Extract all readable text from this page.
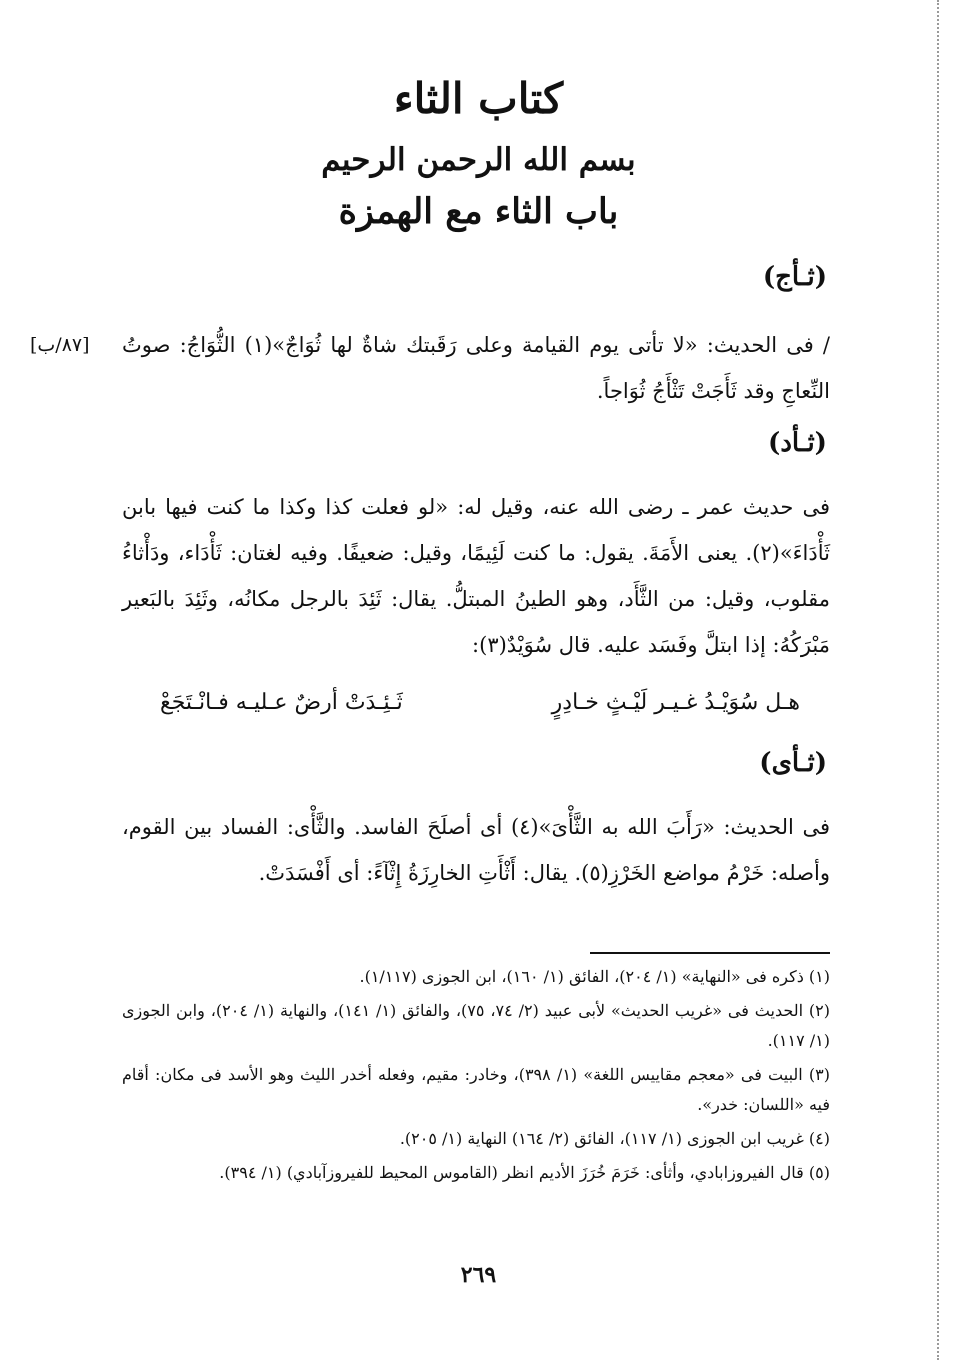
كتاب الثاء
بسم الله الرحمن الرحيم
باب الثاء مع الهمزة
[٨٧/ب]
(ثـأج)
/ فى الحديث: «لا تأتى يوم القيامة وعلى رَقَبتك شاةٌ لها ثُوَاجٌ»(١) الثُّوَاجُ: صوتُ النِّعاجِ وقد ثَأَجَتْ تَثْأَجُ ثُوَاجاً.
(ثـأد)
فى حديث عمر ـ رضى الله عنه، وقيل له: «لو فعلت كذا وكذا ما كنت فيها بابن ثَأْدَاءَ»(٢). يعنى الأَمَةَ. يقول: ما كنت لَئِيمًا، وقيل: ضعيفًا. وفيه لغتان: ثَأْدَاء، ودَأْثاءُ مقلوب، وقيل: من الثَّأَد، وهو الطينُ المبتلُّ. يقال: ثَئِدَ بالرجل مكانُه، وثَئِدَ بالبَعير مَبْرَكُهُ: إذا ابتلَّ وفَسَد عليه. قال سُوَيْدٌ(٣):
هـل سُوَيْـدُ غـيـر لَيْـثٍ خـادِرٍ
ثَـئِـدَتْ أرضٌ عـليـه فـانْـتَجَعْ
(ثـأى)
فى الحديث: «رَأَبَ الله به الثَّأْىَ»(٤) أى أصلَحَ الفاسد. والثَّأْى: الفساد بين القوم، وأصله: خَرْمُ مواضع الخَرْزِ(٥). يقال: أَثْأَتِ الخارِزَةُ إِثْآءً: أى أَفْسَدَتْ.
(١) ذكره فى «النهاية» (١/ ٢٠٤)، الفائق (١/ ١٦٠)، ابن الجوزى (١/١١٧).
(٢) الحديث فى «غريب الحديث» لأبى عبيد (٢/ ٧٤، ٧٥)، والفائق (١/ ١٤١)، والنهاية (١/ ٢٠٤)، وابن الجوزى (١/ ١١٧).
(٣) البيت فى «معجم مقاييس اللغة» (١/ ٣٩٨)، وخادر: مقيم، وفعله أخدر الليث وهو الأسد فى مكان: أقام فيه «اللسان: خدر».
(٤) غريب ابن الجوزى (١/ ١١٧)، الفائق (٢/ ١٦٤) النهاية (١/ ٢٠٥).
(٥) قال الفيروزابادي، وأثأى: خَرَمَ خُرَزَ الأديم انظر (القاموس المحيط للفيروزآبادي) (١/ ٣٩٤).
٢٦٩
